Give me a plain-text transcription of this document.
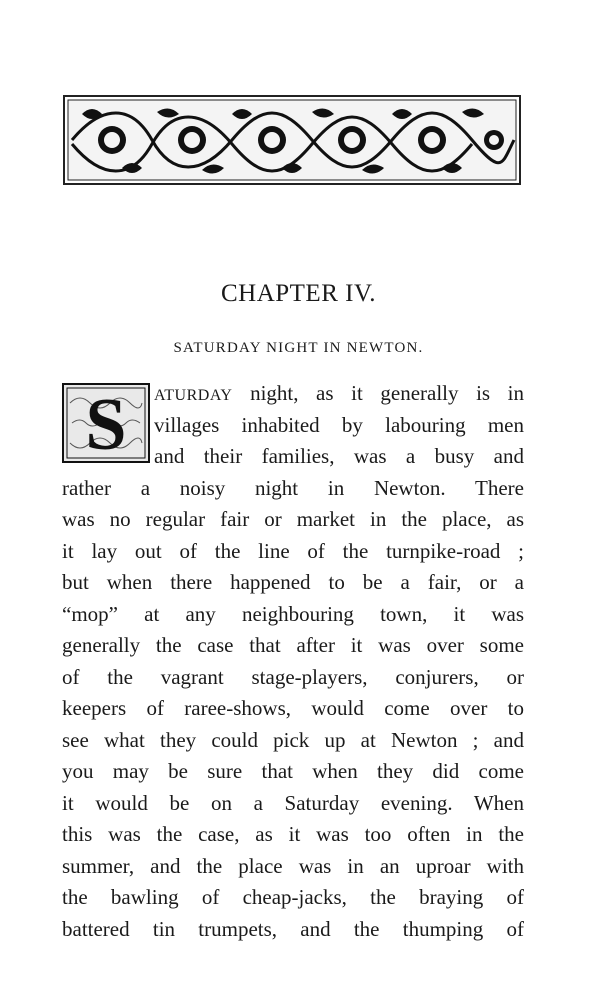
CHAPTER IV.
SATURDAY NIGHT IN NEWTON.
S ATURDAY night, as it generally is in
villages inhabited by labouring men
and their families, was a busy and
rather a noisy night in Newton. There
was no regular fair or market in the place, as
it lay out of the line of the turnpike-road ;
but when there happened to be a fair, or a
“mop” at any neighbouring town, it was
generally the case that after it was over some
of the vagrant stage-players, conjurers, or
keepers of raree-shows, would come over to
see what they could pick up at Newton ; and
you may be sure that when they did come
it would be on a Saturday evening. When
this was the case, as it was too often in the
summer, and the place was in an uproar with
the bawling of cheap-jacks, the braying of
battered tin trumpets, and the thumping of
